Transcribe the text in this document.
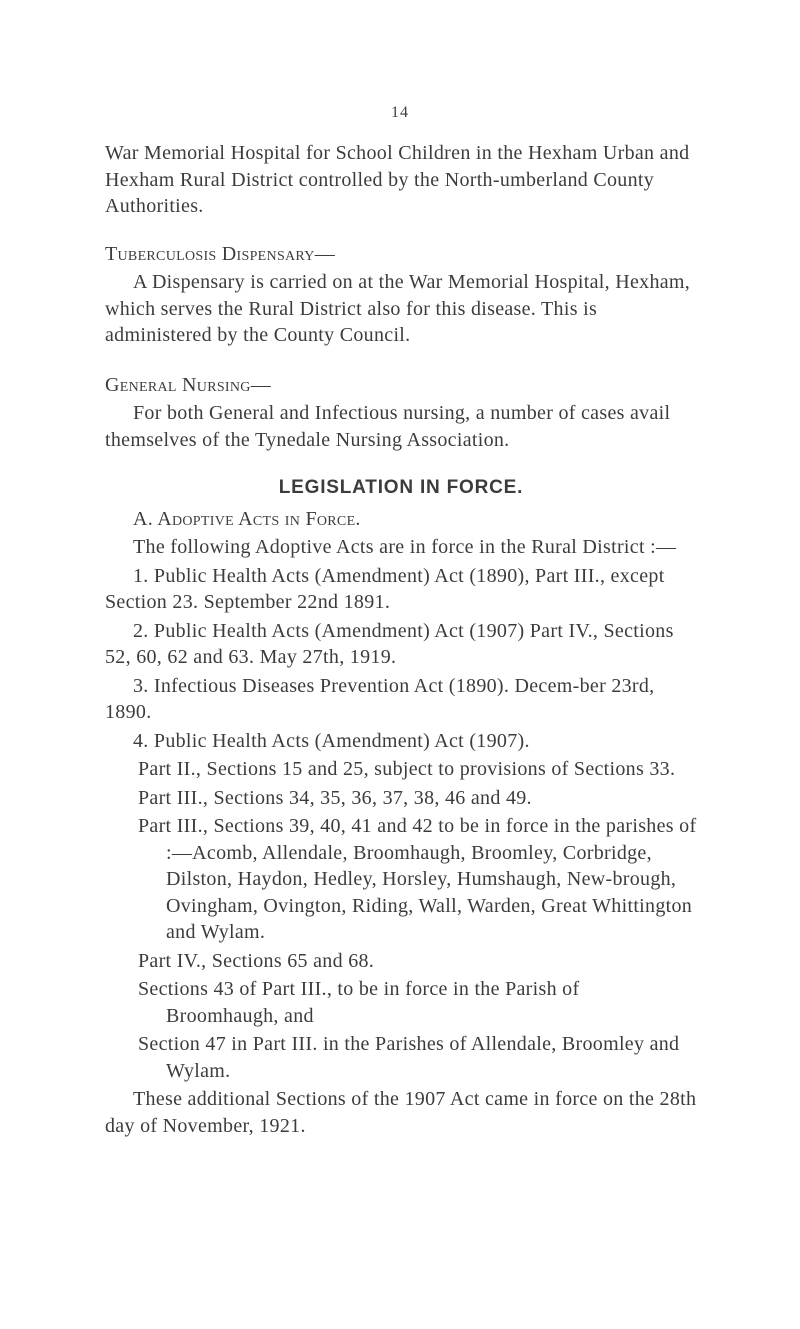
14

War Memorial Hospital for School Children in the Hexham Urban and Hexham Rural District controlled by the North-umberland County Authorities.

Tuberculosis Dispensary—

A Dispensary is carried on at the War Memorial Hospital, Hexham, which serves the Rural District also for this disease. This is administered by the County Council.

General Nursing—

For both General and Infectious nursing, a number of cases avail themselves of the Tynedale Nursing Association.

LEGISLATION IN FORCE.

A. Adoptive Acts in Force.

The following Adoptive Acts are in force in the Rural District :—

1. Public Health Acts (Amendment) Act (1890), Part III., except Section 23. September 22nd 1891.

2. Public Health Acts (Amendment) Act (1907) Part IV., Sections 52, 60, 62 and 63. May 27th, 1919.

3. Infectious Diseases Prevention Act (1890). Decem-ber 23rd, 1890.

4. Public Health Acts (Amendment) Act (1907).

Part II., Sections 15 and 25, subject to provisions of Sections 33.

Part III., Sections 34, 35, 36, 37, 38, 46 and 49.

Part III., Sections 39, 40, 41 and 42 to be in force in the parishes of :—Acomb, Allendale, Broomhaugh, Broomley, Corbridge, Dilston, Haydon, Hedley, Horsley, Humshaugh, New-brough, Ovingham, Ovington, Riding, Wall, Warden, Great Whittington and Wylam.

Part IV., Sections 65 and 68.

Sections 43 of Part III., to be in force in the Parish of Broomhaugh, and

Section 47 in Part III. in the Parishes of Allendale, Broomley and Wylam.

These additional Sections of the 1907 Act came in force on the 28th day of November, 1921.
